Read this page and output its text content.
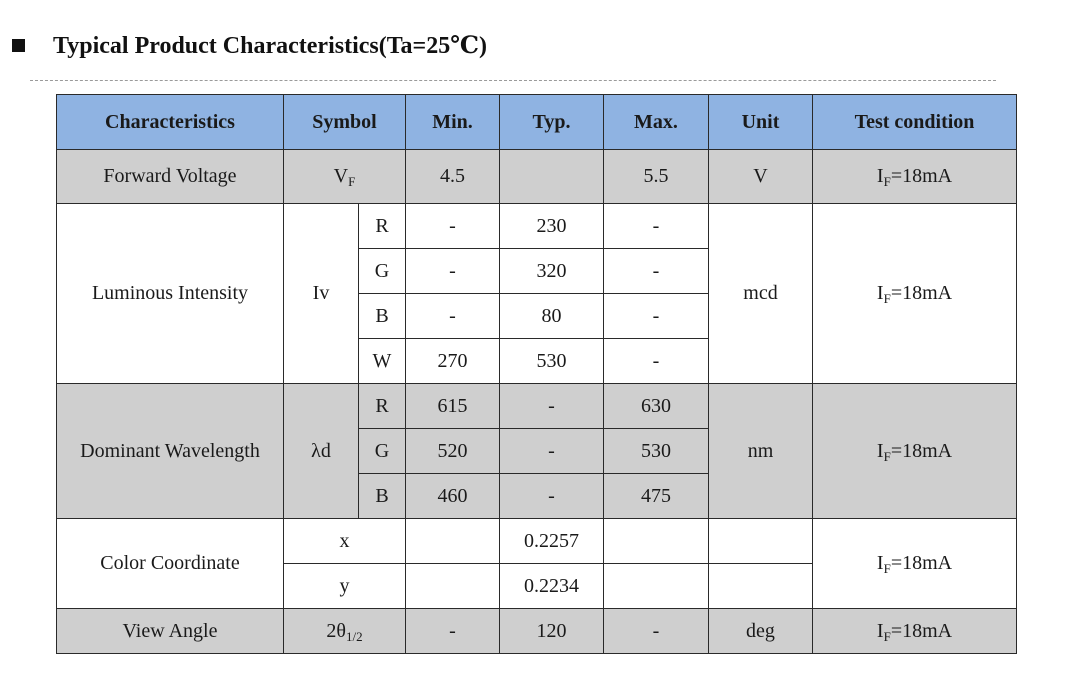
Typical Product Characteristics(Ta=25℃)
Characteristics	Symbol		Min.	Typ.	Max.	Unit	Test condition
Forward Voltage	$V_F$		4.5		5.5	V	$I_F=18mA$
Luminous Intensity	Iv	R	-	230	-	mcd	$I_F=18mA$
		G	-	320	-		
		B	-	80	-		
		W	270	530	-		
Dominant Wavelength	λd	R	615	-	630	nm	$I_F=18mA$
		G	520	-	530		
		B	460	-	475		
Color Coordinate	x			0.2257			$I_F=18mA$
	y			0.2234			
View Angle	$2\theta_{1/2}$		-	120	-	deg	$I_F=18mA$
